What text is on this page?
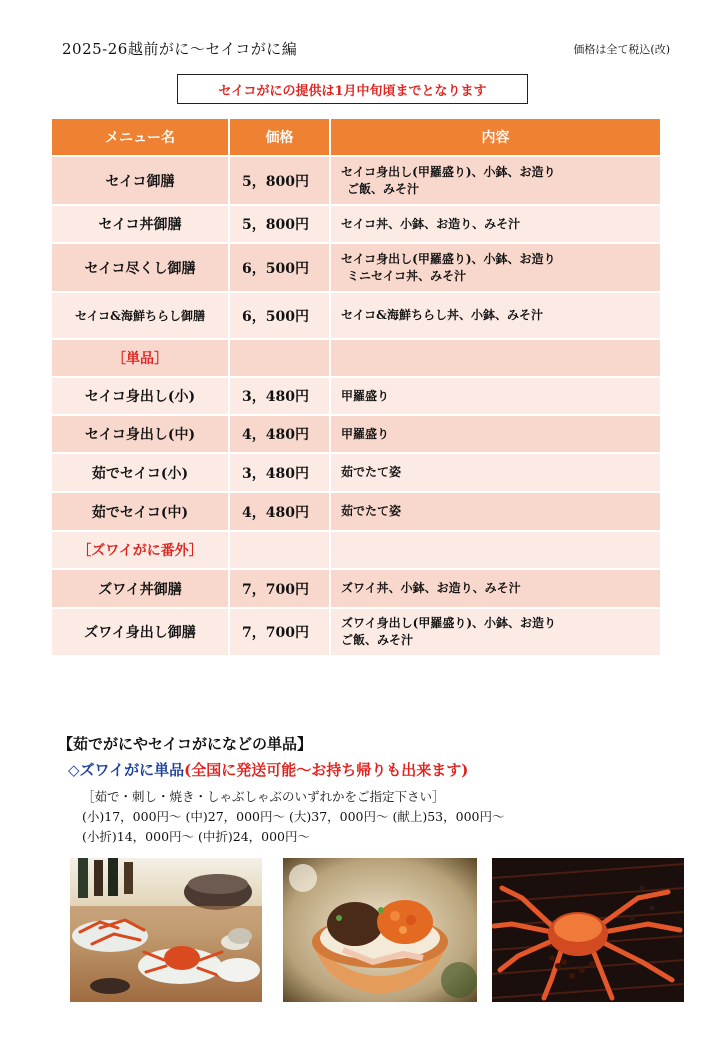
2025-26越前がに～セイコがに編	価格は全て税込(改)
セイコがにの提供は1月中旬頃までとなります
メニュー名	価格	内容
セイコ御膳	5，800円	セイコ身出し(甲羅盛り)、小鉢、お造り
ご飯、みそ汁

セイコ丼御膳	5，800円	セイコ丼、小鉢、お造り、みそ汁

セイコ尽くし御膳	6，500円	セイコ身出し(甲羅盛り)、小鉢、お造り
ミニセイコ丼、みそ汁

セイコ&海鮮ちらし御膳	6，500円	セイコ&海鮮ちらし丼、小鉢、みそ汁

［単品］		
セイコ身出し(小)	3，480円	甲羅盛り

セイコ身出し(中)	4，480円	甲羅盛り

茹でセイコ(小)	3，480円	茹でたて姿

茹でセイコ(中)	4，480円	茹でたて姿

［ズワイがに番外］		
ズワイ丼御膳	7，700円	ズワイ丼、小鉢、お造り、みそ汁

ズワイ身出し御膳	7，700円	ズワイ身出し(甲羅盛り)、小鉢、お造り
ご飯、みそ汁
【茹でがにやセイコがになどの単品】
◇ズワイがに単品(全国に発送可能～お持ち帰りも出来ます)
［茹で・刺し・焼き・しゃぶしゃぶのいずれかをご指定下さい］
(小)17，000円～ (中)27，000円～ (大)37，000円～ (献上)53，000円～
(小折)14，000円～ (中折)24，000円～
